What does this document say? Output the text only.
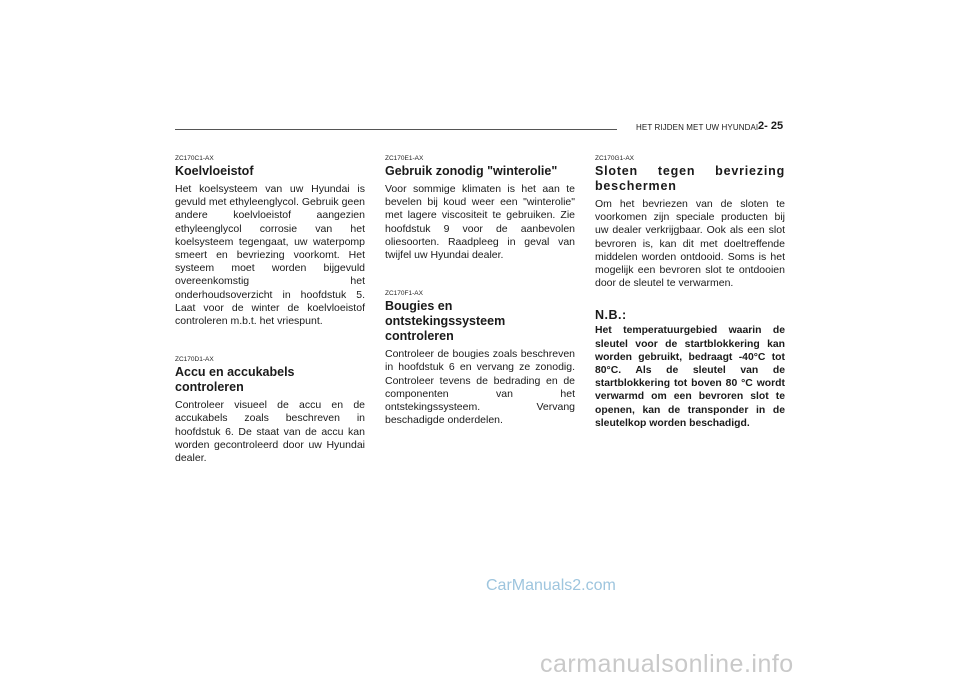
HET RIJDEN MET UW HYUNDAI 2- 25
ZC170C1-AX
Koelvloeistof

Het koelsysteem van uw Hyundai is gevuld met ethyleenglycol. Gebruik geen andere koelvloeistof aangezien ethyleenglycol corrosie van het koelsysteem tegengaat, uw waterpomp smeert en bevriezing voorkomt. Het systeem moet worden bijgevuld overeenkomstig het onderhoudsoverzicht in hoofdstuk 5. Laat voor de winter de koelvloeistof controleren m.b.t. het vriespunt.

ZC170D1-AX
Accu en accukabels controleren

Controleer visueel de accu en de accukabels zoals beschreven in hoofdstuk 6. De staat van de accu kan worden gecontroleerd door uw Hyundai dealer.

ZC170E1-AX
Gebruik zonodig "winterolie"

Voor sommige klimaten is het aan te bevelen bij koud weer een "winterolie" met lagere viscositeit te gebruiken. Zie hoofdstuk 9 voor de aanbevolen oliesoorten. Raadpleeg in geval van twijfel uw Hyundai dealer.

ZC170F1-AX
Bougies en ontstekingssysteem controleren

Controleer de bougies zoals beschreven in hoofdstuk 6 en vervang ze zonodig. Controleer tevens de bedrading en de componenten van het ontstekingssysteem. Vervang beschadigde onderdelen.

ZC170G1-AX
Sloten tegen bevriezing beschermen

Om het bevriezen van de sloten te voorkomen zijn speciale producten bij uw dealer verkrijgbaar. Ook als een slot bevroren is, kan dit met doeltreffende middelen worden ontdooid. Soms is het mogelijk een bevroren slot te ontdooien door de sleutel te verwarmen.

N.B.:

Het temperatuurgebied waarin de sleutel voor de startblokkering kan worden gebruikt, bedraagt -40°C tot 80°C. Als de sleutel van de startblokkering tot boven 80 °C wordt verwarmd om een bevroren slot te openen, kan de transponder in de sleutelkop worden beschadigd.

CarManuals2.com
carmanualsonline.info
